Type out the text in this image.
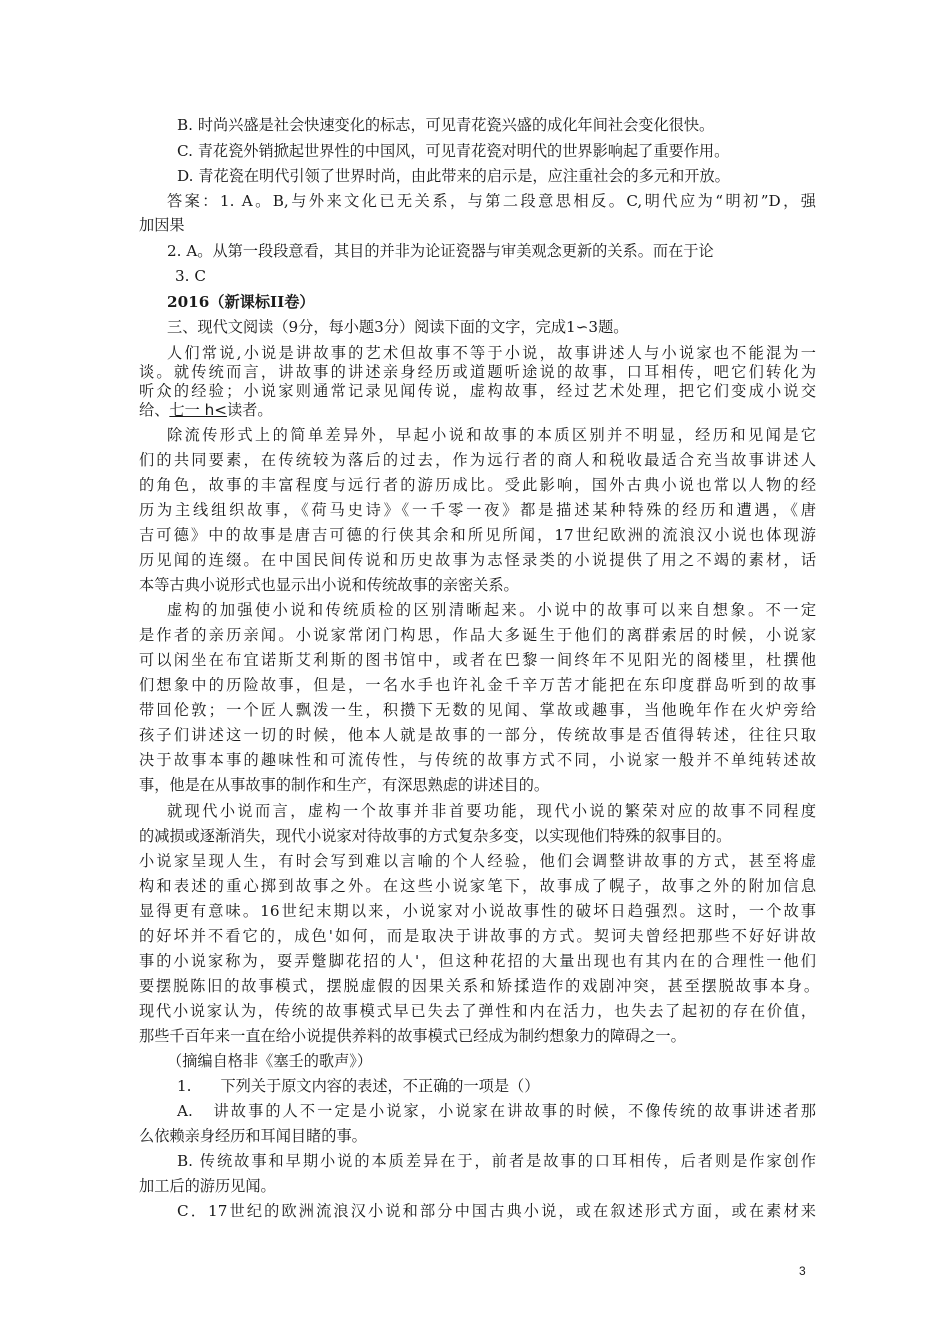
B. 时尚兴盛是社会快速变化的标志，可见青花瓷兴盛的成化年间社会变化很快。
C. 青花瓷外销掀起世界性的中国风，可见青花瓷对明代的世界影响起了重要作用。
D. 青花瓷在明代引领了世界时尚，由此带来的启示是，应注重社会的多元和开放。
答案：1. A。B,与外来文化已无关系，与第二段意思相反。C,明代应为“明初”D，强
加因果
2. A。从第一段段意看，其目的并非为论证瓷器与审美观念更新的关系。而在于论
3. C
2016（新课标II卷）
三、现代文阅读（9分，每小题3分）阅读下面的文字，完成1∽3题。
人们常说,小说是讲故事的艺术但故事不等于小说，故事讲述人与小说家也不能混为一
谈。就传统而言，讲故事的讲述亲身经历或道题听途说的故事，口耳相传，吧它们转化为
听众的经验；小说家则通常记录见闻传说，虚构故事，经过艺术处理，把它们变成小说交
给、七一 h<读者。
除流传形式上的简单差异外，早起小说和故事的本质区别并不明显，经历和见闻是它
们的共同要素，在传统较为落后的过去，作为远行者的商人和税收最适合充当故事讲述人
的角色，故事的丰富程度与远行者的游历成比。受此影响，国外古典小说也常以人物的经
历为主线组织故事，《荷马史诗》《一千零一夜》都是描述某种特殊的经历和遭遇，《唐
吉可德》中的故事是唐吉可德的行侠其余和所见所闻，17世纪欧洲的流浪汉小说也体现游
历见闻的连缀。在中国民间传说和历史故事为志怪录类的小说提供了用之不竭的素材，话
本等古典小说形式也显示出小说和传统故事的亲密关系。
虚构的加强使小说和传统质检的区别清晰起来。小说中的故事可以来自想象。不一定
是作者的亲历亲闻。小说家常闭门构思，作品大多诞生于他们的离群索居的时候，小说家
可以闲坐在布宜诺斯艾利斯的图书馆中，或者在巴黎一间终年不见阳光的阁楼里，杜撰他
们想象中的历险故事，但是，一名水手也许礼金千辛万苦才能把在东印度群岛听到的故事
带回伦敦；一个匠人飘泼一生，积攒下无数的见闻、掌故或趣事，当他晚年作在火炉旁给
孩子们讲述这一切的时候，他本人就是故事的一部分，传统故事是否值得转述，往往只取
决于故事本事的趣味性和可流传性，与传统的故事方式不同，小说家一般并不单纯转述故
事，他是在从事故事的制作和生产，有深思熟虑的讲述目的。
就现代小说而言，虚构一个故事并非首要功能，现代小说的繁荣对应的故事不同程度
的减损或逐渐消失，现代小说家对待故事的方式复杂多变，以实现他们特殊的叙事目的。
小说家呈现人生，有时会写到难以言喻的个人经验，他们会调整讲故事的方式，甚至将虚
构和表述的重心掷到故事之外。在这些小说家笔下，故事成了幌子，故事之外的附加信息
显得更有意味。16世纪末期以来，小说家对小说故事性的破坏日趋强烈。这时，一个故事
的好坏并不看它的，成色'如何，而是取决于讲故事的方式。契诃夫曾经把那些不好好讲故
事的小说家称为，耍弄蹩脚花招的人'，但这种花招的大量出现也有其内在的合理性一他们
要摆脱陈旧的故事模式，摆脱虚假的因果关系和矫揉造作的戏剧冲突，甚至摆脱故事本身。
现代小说家认为，传统的故事模式早已失去了弹性和内在活力，也失去了起初的存在价值，
那些千百年来一直在给小说提供养料的故事模式已经成为制约想象力的障碍之一。
（摘编自格非《塞壬的歌声》）
1.      下列关于原文内容的表述，不正确的一项是（）
A.   讲故事的人不一定是小说家，小说家在讲故事的时候，不像传统的故事讲述者那
么依赖亲身经历和耳闻目睹的事。
B. 传统故事和早期小说的本质差异在于，前者是故事的口耳相传，后者则是作家创作
加工后的游历见闻。
C．17世纪的欧洲流浪汉小说和部分中国古典小说，或在叙述形式方面，或在素材来
3
